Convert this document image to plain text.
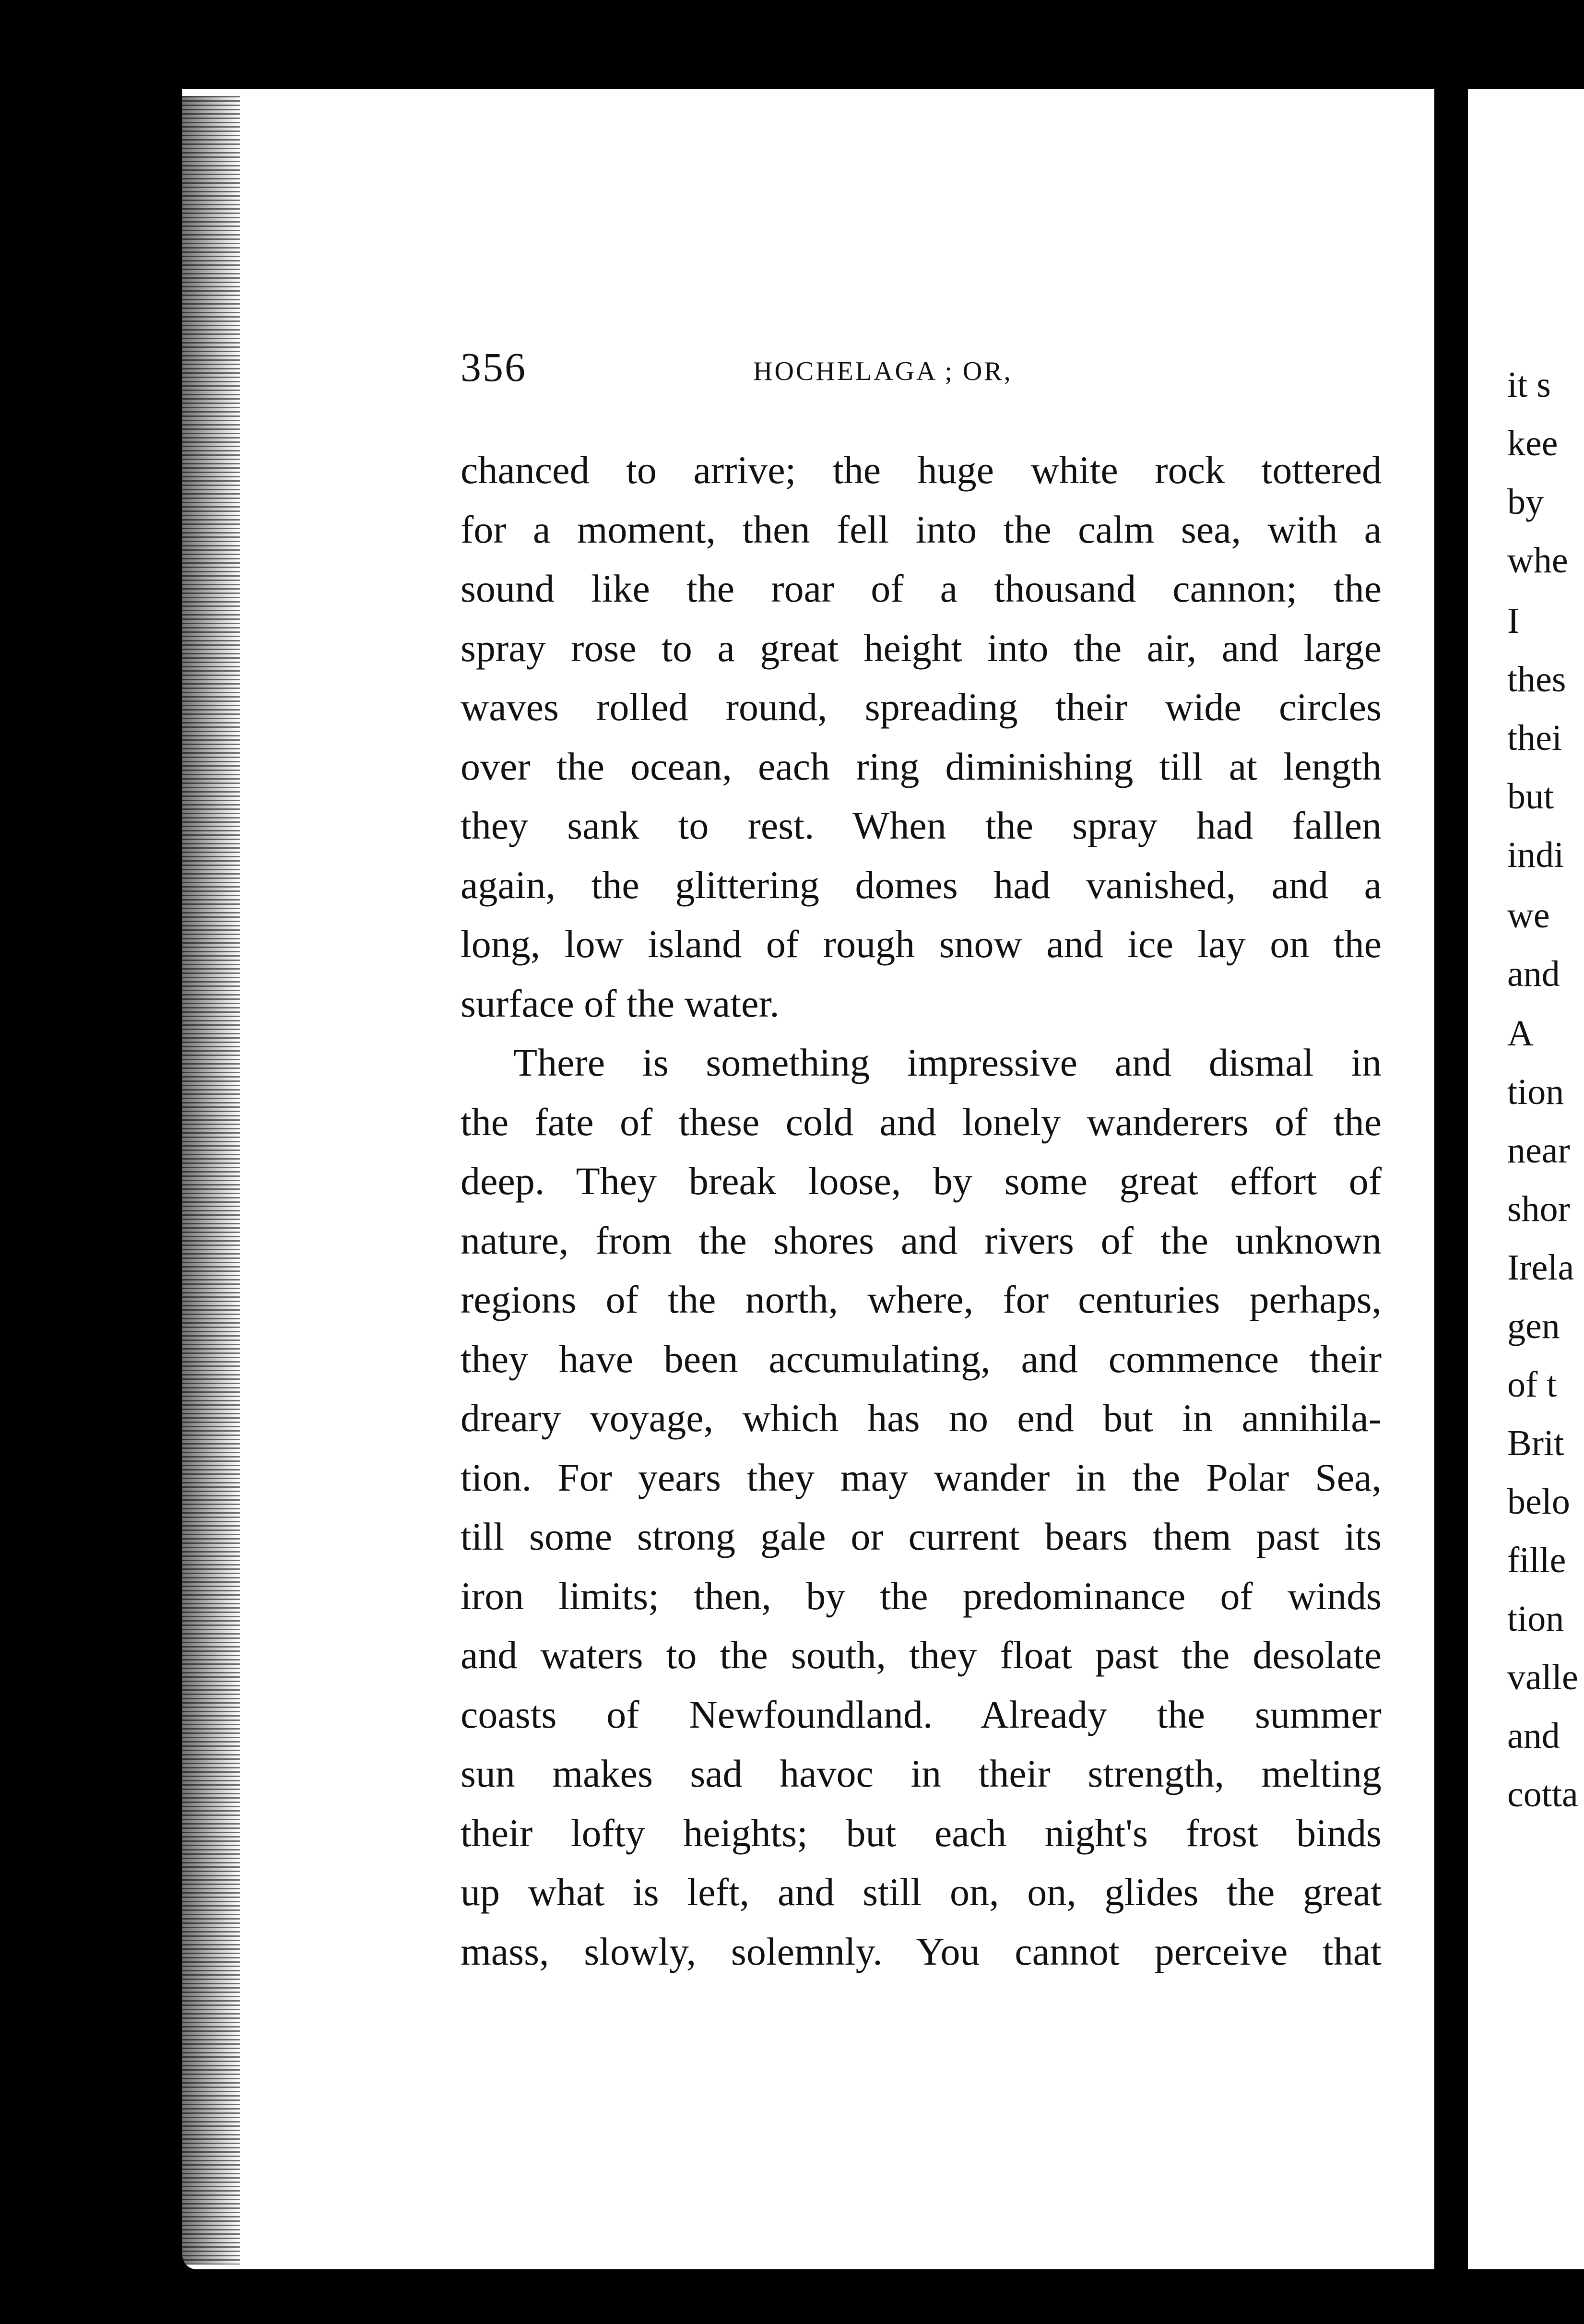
it s
kee
by
whe
I
thes
thei
but
indi
we
and
A
tion
near
shor
Irela
gen
of t
Brit
belo
fille
tion
valle
and
cotta
356	HOCHELAGA ; OR,
chanced to arrive; the huge white rock tottered
for a moment, then fell into the calm sea, with a
sound like the roar of a thousand cannon; the
spray rose to a great height into the air, and large
waves rolled round, spreading their wide circles
over the ocean, each ring diminishing till at length
they sank to rest. When the spray had fallen
again, the glittering domes had vanished, and a
long, low island of rough snow and ice lay on the
surface of the water.
There is something impressive and dismal in
the fate of these cold and lonely wanderers of the
deep. They break loose, by some great effort of
nature, from the shores and rivers of the unknown
regions of the north, where, for centuries perhaps,
they have been accumulating, and commence their
dreary voyage, which has no end but in annihila-
tion. For years they may wander in the Polar Sea,
till some strong gale or current bears them past its
iron limits; then, by the predominance of winds
and waters to the south, they float past the desolate
coasts of Newfoundland. Already the summer
sun makes sad havoc in their strength, melting
their lofty heights; but each night's frost binds
up what is left, and still on, on, glides the great
mass, slowly, solemnly. You cannot perceive that
